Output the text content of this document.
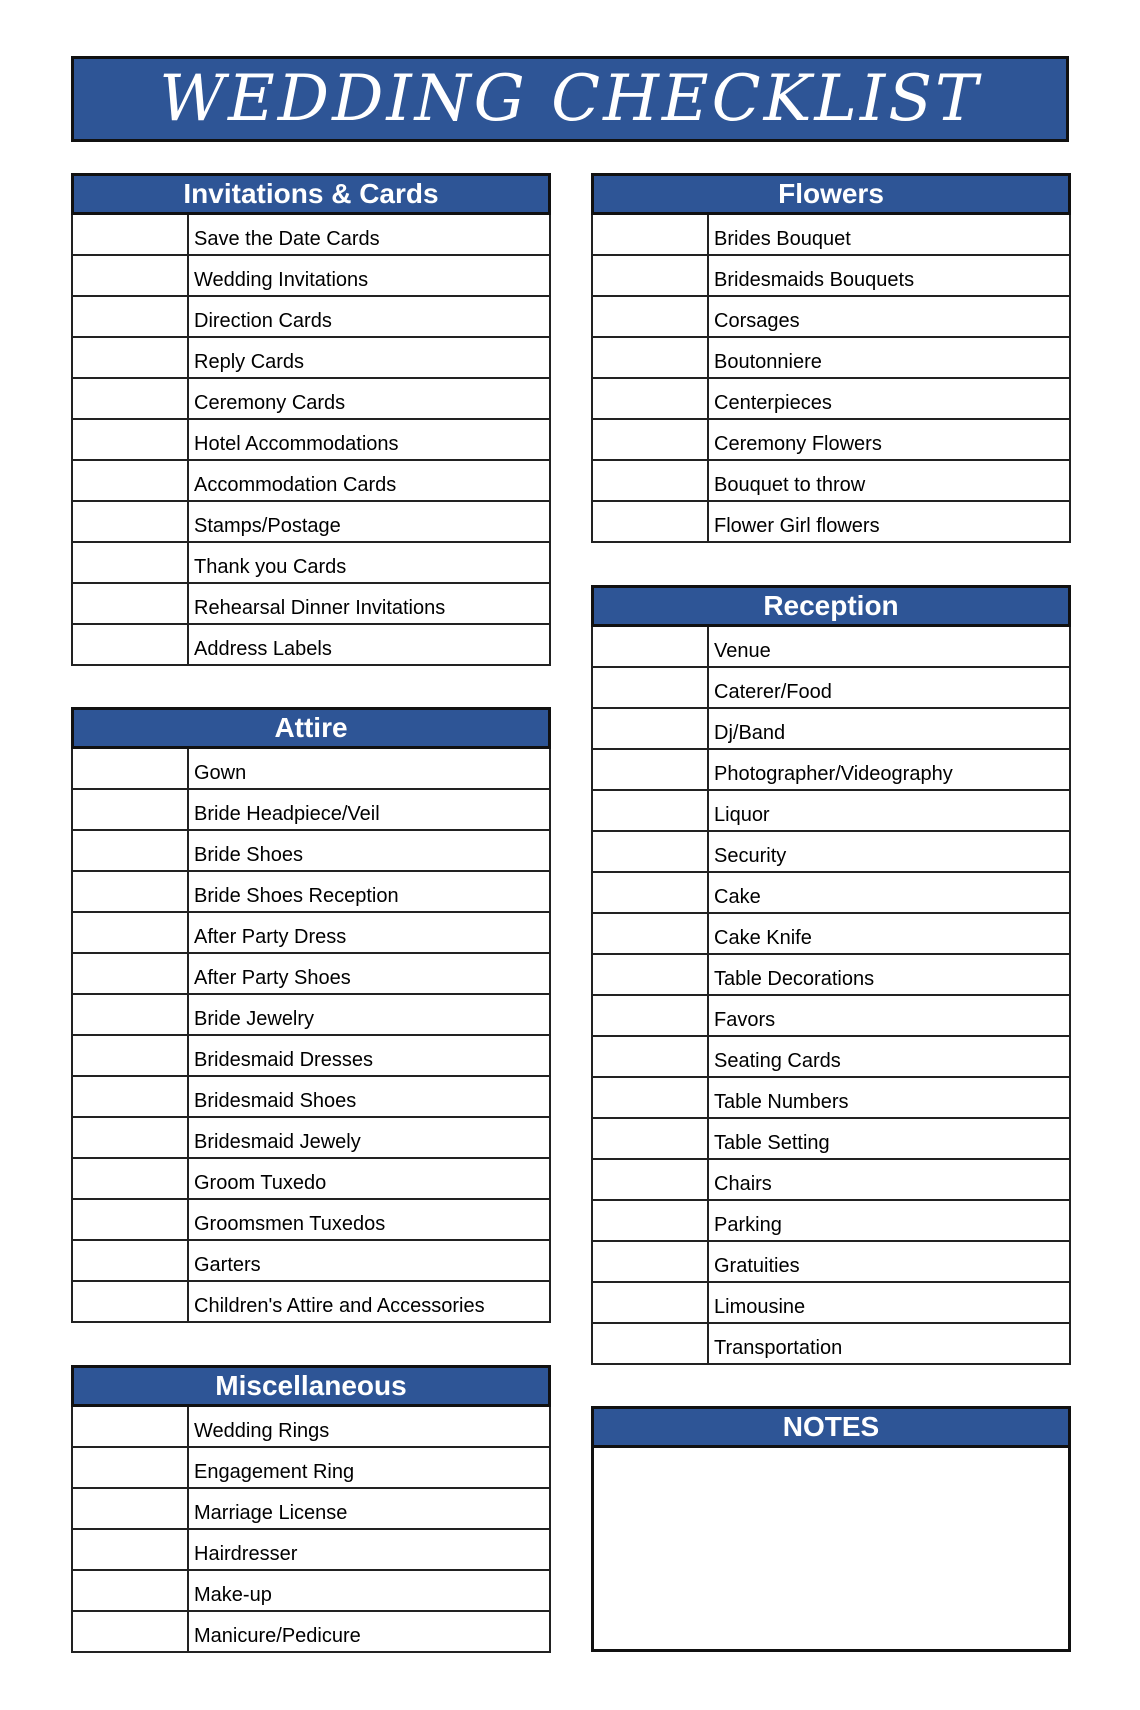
WEDDING CHECKLIST
Invitations & Cards
Save the Date Cards
Wedding Invitations
Direction Cards
Reply Cards
Ceremony Cards
Hotel Accommodations
Accommodation Cards
Stamps/Postage
Thank you Cards
Rehearsal Dinner Invitations
Address Labels
Attire
Gown
Bride Headpiece/Veil
Bride Shoes
Bride Shoes Reception
After Party Dress
After Party Shoes
Bride Jewelry
Bridesmaid Dresses
Bridesmaid Shoes
Bridesmaid Jewely
Groom Tuxedo
Groomsmen Tuxedos
Garters
Children's Attire and Accessories
Miscellaneous
Wedding Rings
Engagement Ring
Marriage License
Hairdresser
Make-up
Manicure/Pedicure
Flowers
Brides Bouquet
Bridesmaids Bouquets
Corsages
Boutonniere
Centerpieces
Ceremony Flowers
Bouquet to throw
Flower Girl flowers
Reception
Venue
Caterer/Food
Dj/Band
Photographer/Videography
Liquor
Security
Cake
Cake Knife
Table Decorations
Favors
Seating Cards
Table Numbers
Table Setting
Chairs
Parking
Gratuities
Limousine
Transportation
NOTES
